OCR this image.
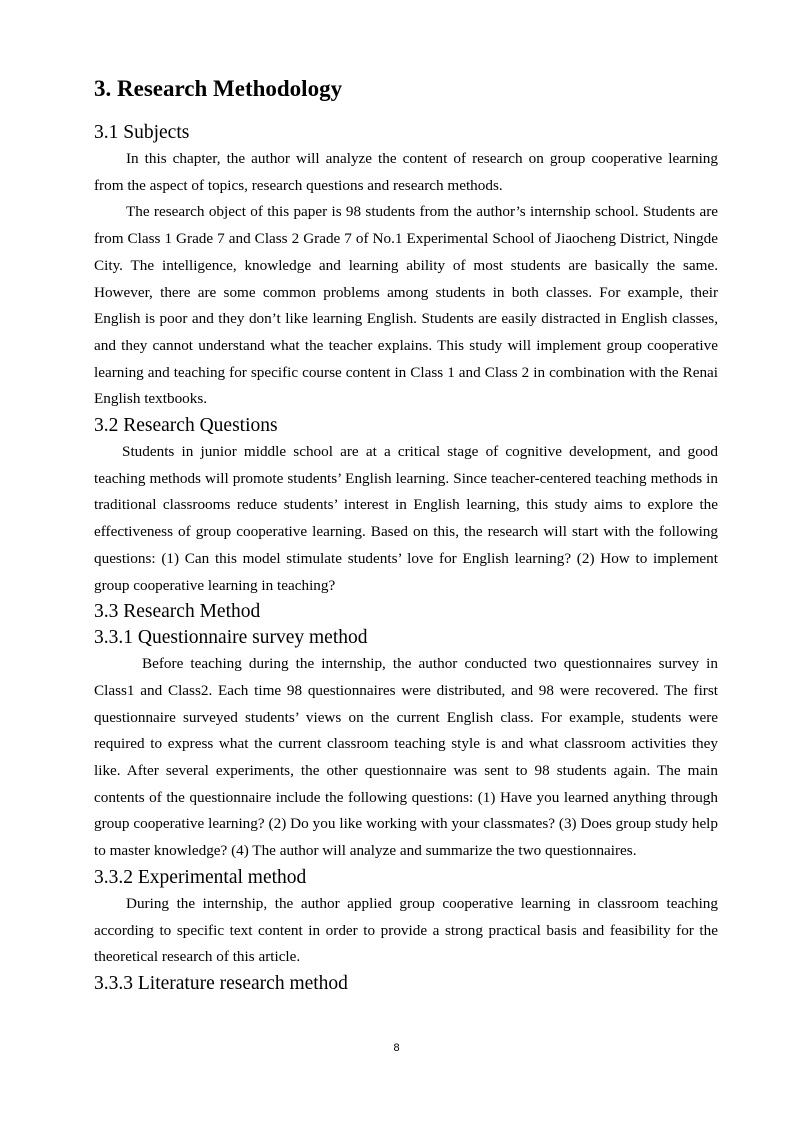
3. Research Methodology
3.1 Subjects

In this chapter, the author will analyze the content of research on group cooperative learning from the aspect of topics, research questions and research methods.

The research object of this paper is 98 students from the author’s internship school. Students are from Class 1 Grade 7 and Class 2 Grade 7 of No.1 Experimental School of Jiaocheng District, Ningde City. The intelligence, knowledge and learning ability of most students are basically the same. However, there are some common problems among students in both classes. For example, their English is poor and they don’t like learning English. Students are easily distracted in English classes, and they cannot understand what the teacher explains. This study will implement group cooperative learning and teaching for specific course content in Class 1 and Class 2 in combination with the Renai English textbooks.

3.2 Research Questions

Students in junior middle school are at a critical stage of cognitive development, and good teaching methods will promote students’ English learning. Since teacher-centered teaching methods in traditional classrooms reduce students’ interest in English learning, this study aims to explore the effectiveness of group cooperative learning. Based on this, the research will start with the following questions: (1) Can this model stimulate students’ love for English learning? (2) How to implement group cooperative learning in teaching?

3.3 Research Method
3.3.1 Questionnaire survey method

Before teaching during the internship, the author conducted two questionnaires survey in Class1 and Class2. Each time 98 questionnaires were distributed, and 98 were recovered. The first questionnaire surveyed students’ views on the current English class. For example, students were required to express what the current classroom teaching style is and what classroom activities they like. After several experiments, the other questionnaire was sent to 98 students again. The main contents of the questionnaire include the following questions: (1) Have you learned anything through group cooperative learning? (2) Do you like working with your classmates? (3) Does group study help to master knowledge? (4) The author will analyze and summarize the two questionnaires.

3.3.2 Experimental method

During the internship, the author applied group cooperative learning in classroom teaching according to specific text content in order to provide a strong practical basis and feasibility for the theoretical research of this article.

3.3.3 Literature research method
8
